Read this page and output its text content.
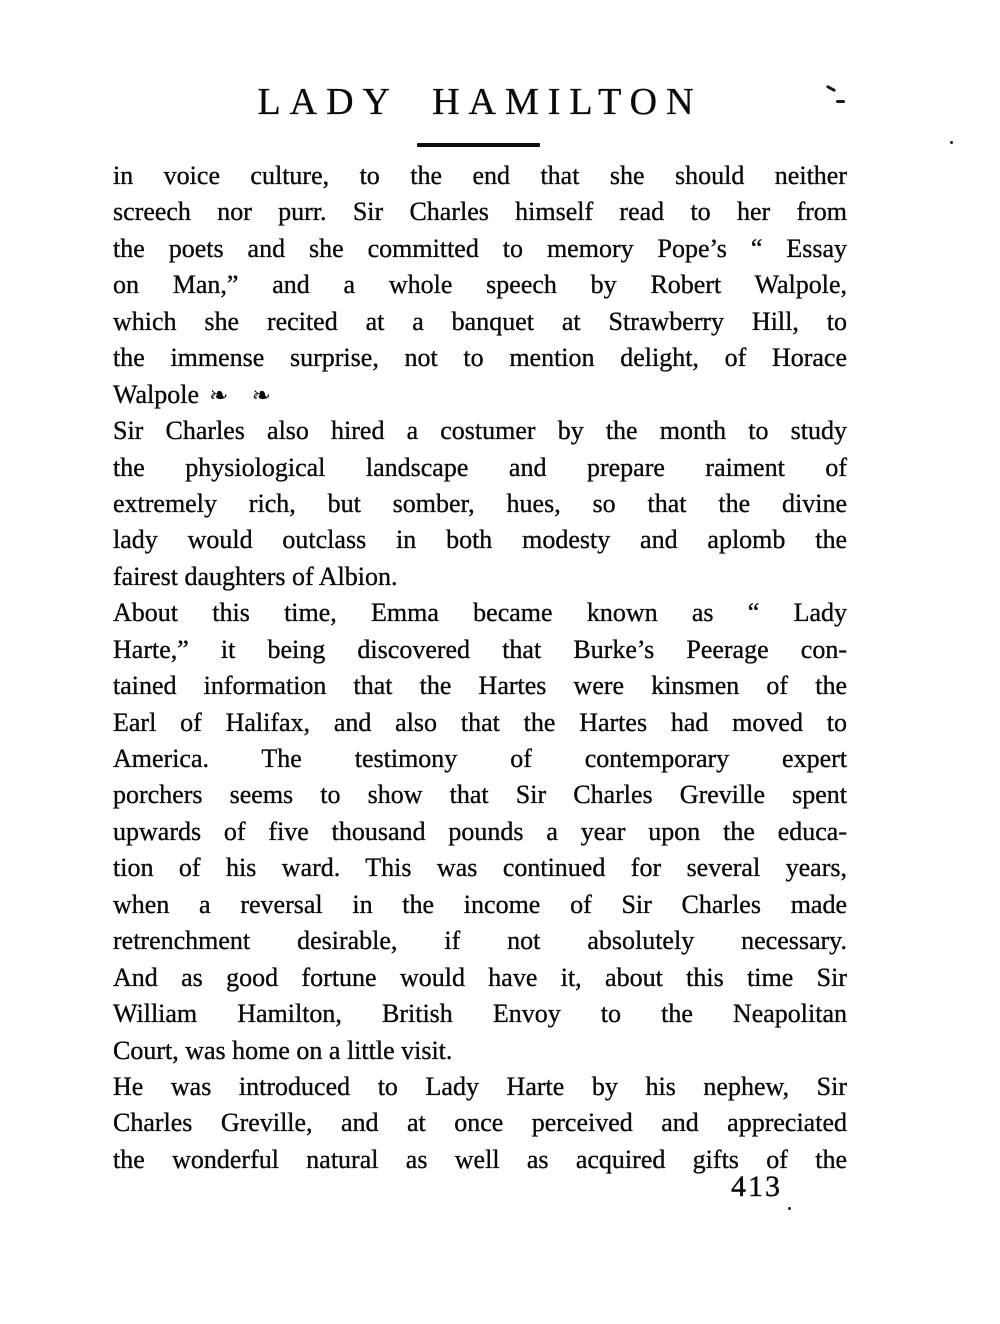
LADY HAMILTON
in voice culture, to the end that she should neither
screech nor purr. Sir Charles himself read to her from
the poets and she committed to memory Pope’s “ Essay
on Man,” and a whole speech by Robert Walpole,
which she recited at a banquet at Strawberry Hill, to
the immense surprise, not to mention delight, of Horace
Walpole ❧ ❧
Sir Charles also hired a costumer by the month to study
the physiological landscape and prepare raiment of
extremely rich, but somber, hues, so that the divine
lady would outclass in both modesty and aplomb the
fairest daughters of Albion.
About this time, Emma became known as “ Lady
Harte,” it being discovered that Burke’s Peerage con-
tained information that the Hartes were kinsmen of the
Earl of Halifax, and also that the Hartes had moved to
America. The testimony of contemporary expert
porchers seems to show that Sir Charles Greville spent
upwards of five thousand pounds a year upon the educa-
tion of his ward. This was continued for several years,
when a reversal in the income of Sir Charles made
retrenchment desirable, if not absolutely necessary.
And as good fortune would have it, about this time Sir
William Hamilton, British Envoy to the Neapolitan
Court, was home on a little visit.
He was introduced to Lady Harte by his nephew, Sir
Charles Greville, and at once perceived and appreciated
the wonderful natural as well as acquired gifts of the
413
